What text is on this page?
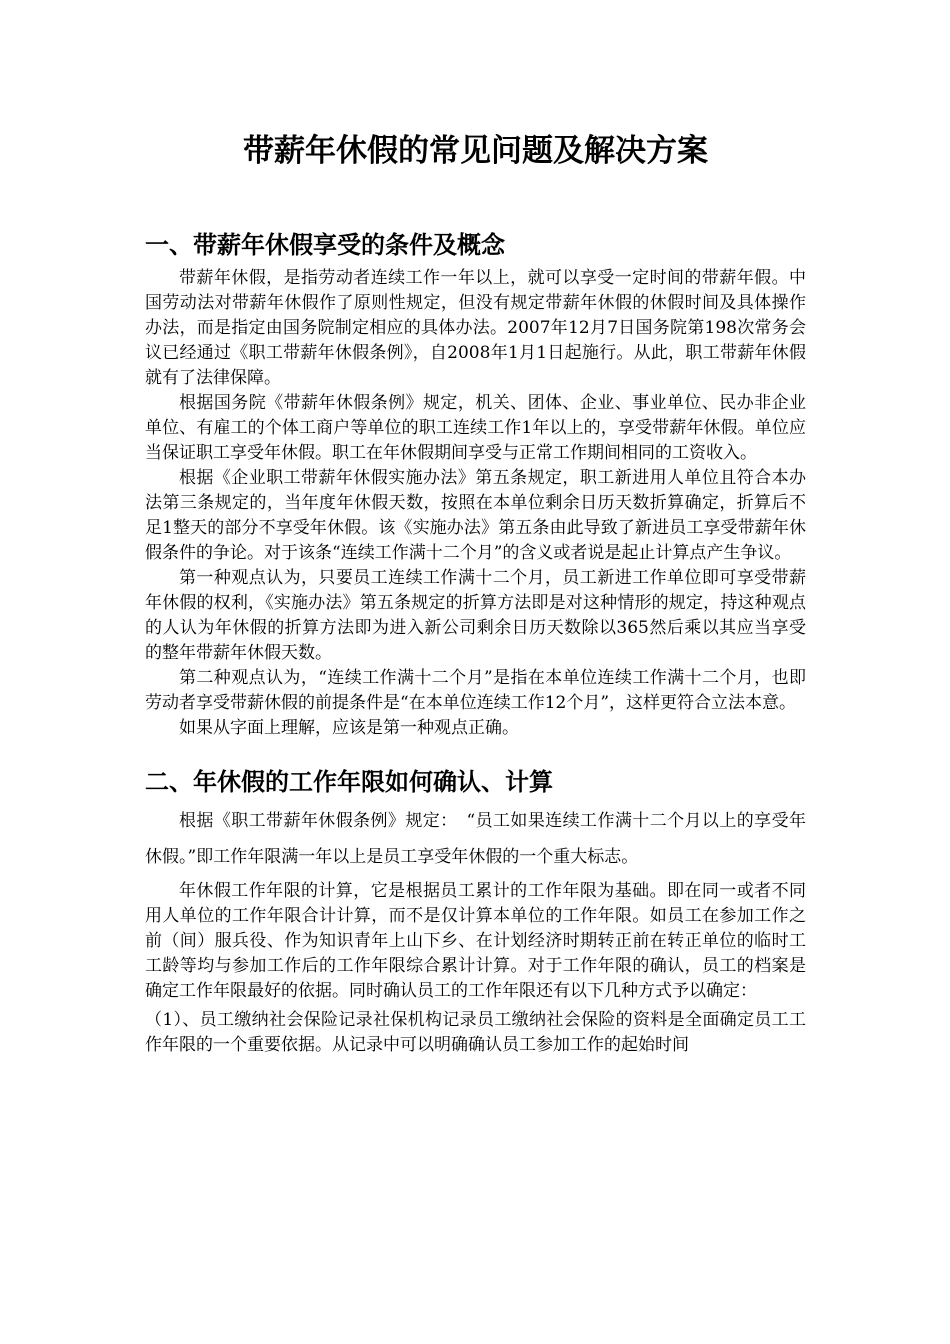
带薪年休假的常见问题及解决方案
一、带薪年休假享受的条件及概念

带薪年休假，是指劳动者连续工作一年以上，就可以享受一定时间的带薪年假。中国劳动法对带薪年休假作了原则性规定，但没有规定带薪年休假的休假时间及具体操作办法，而是指定由国务院制定相应的具体办法。2007年12月7日国务院第198次常务会议已经通过《职工带薪年休假条例》，自2008年1月1日起施行。从此，职工带薪年休假就有了法律保障。

根据国务院《带薪年休假条例》规定，机关、团体、企业、事业单位、民办非企业单位、有雇工的个体工商户等单位的职工连续工作1年以上的，享受带薪年休假。单位应当保证职工享受年休假。职工在年休假期间享受与正常工作期间相同的工资收入。

根据《企业职工带薪年休假实施办法》第五条规定，职工新进用人单位且符合本办法第三条规定的，当年度年休假天数，按照在本单位剩余日历天数折算确定，折算后不足1整天的部分不享受年休假。该《实施办法》第五条由此导致了新进员工享受带薪年休假条件的争论。对于该条“连续工作满十二个月”的含义或者说是起止计算点产生争议。

第一种观点认为，只要员工连续工作满十二个月，员工新进工作单位即可享受带薪年休假的权利，《实施办法》第五条规定的折算方法即是对这种情形的规定，持这种观点的人认为年休假的折算方法即为进入新公司剩余日历天数除以365然后乘以其应当享受的整年带薪年休假天数。

第二种观点认为，“连续工作满十二个月”是指在本单位连续工作满十二个月，也即劳动者享受带薪休假的前提条件是“在本单位连续工作12个月”，这样更符合立法本意。

如果从字面上理解，应该是第一种观点正确。

二、年休假的工作年限如何确认、计算

根据《职工带薪年休假条例》规定：　“员工如果连续工作满十二个月以上的享受年休假。”即工作年限满一年以上是员工享受年休假的一个重大标志。

年休假工作年限的计算，它是根据员工累计的工作年限为基础。即在同一或者不同用人单位的工作年限合计计算，而不是仅计算本单位的工作年限。如员工在参加工作之前（间）服兵役、作为知识青年上山下乡、在计划经济时期转正前在转正单位的临时工工龄等均与参加工作后的工作年限综合累计计算。对于工作年限的确认，员工的档案是确定工作年限最好的依据。同时确认员工的工作年限还有以下几种方式予以确定：

（1）、员工缴纳社会保险记录社保机构记录员工缴纳社会保险的资料是全面确定员工工作年限的一个重要依据。从记录中可以明确确认员工参加工作的起始时间
